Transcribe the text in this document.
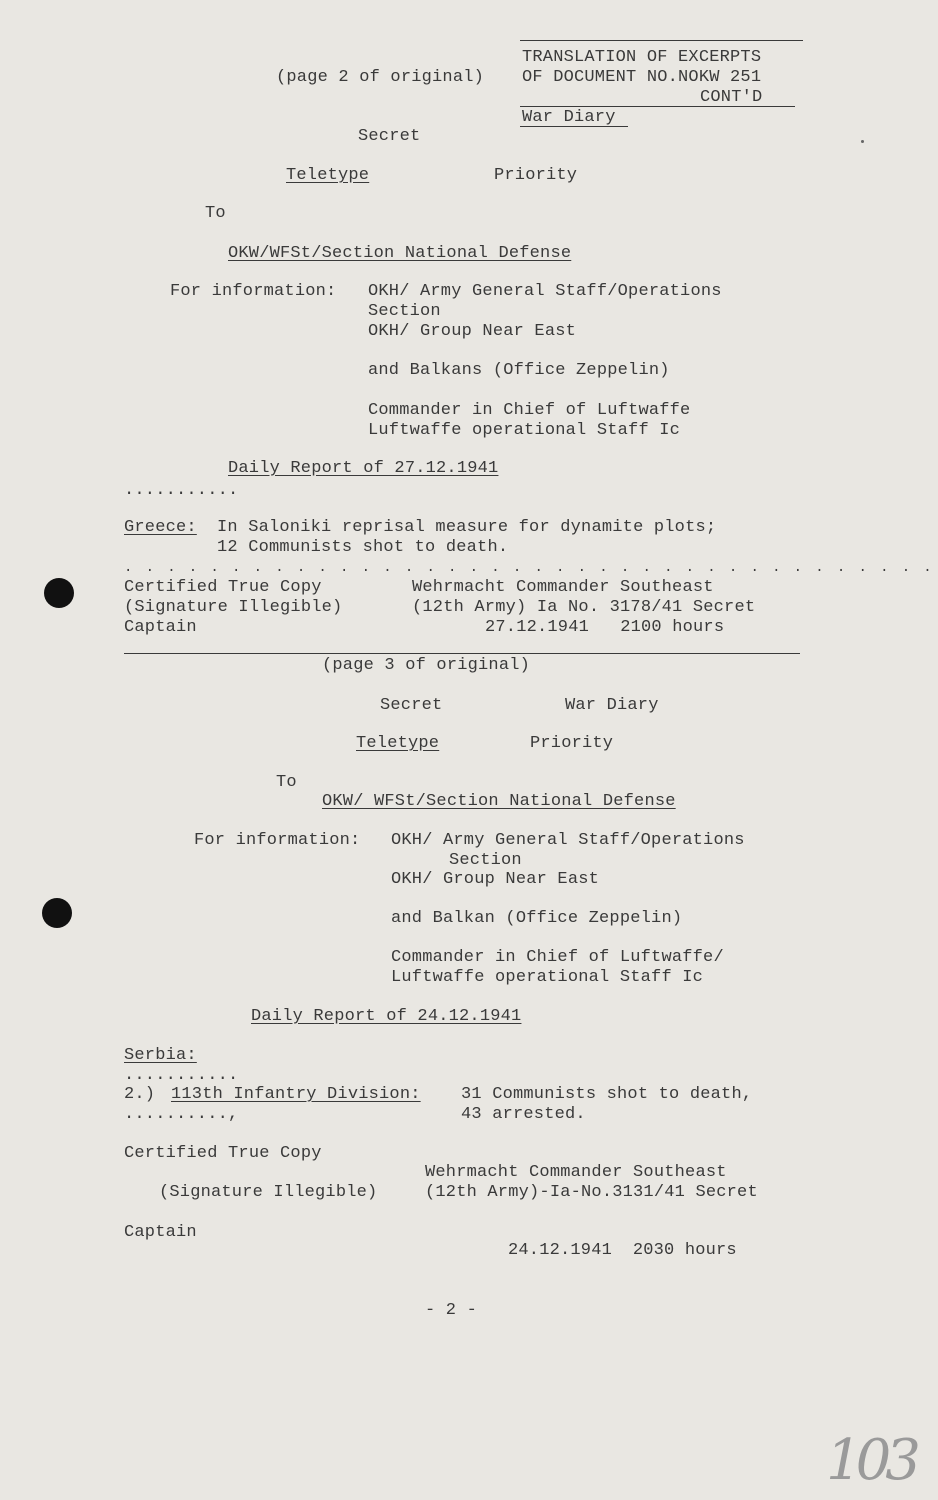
TRANSLATION OF EXCERPTS
(page 2 of original) OF DOCUMENT NO.NOKW 251
CONT'D
War Diary
Secret
Teletype	Priority
To
OKW/WFSt/Section National Defense
For information: OKH/ Army General Staff/Operations
Section
OKH/ Group Near East
and Balkans (Office Zeppelin)
Commander in Chief of Luftwaffe
Luftwaffe operational Staff Ic
Daily Report of 27.12.1941
...........
Greece: In Saloniki reprisal measure for dynamite plots;
12 Communists shot to death.
. . . . . . . . . . . . . . . . . . . . . . . . . . . . . . . . . . . . . .
Certified True Copy
(Signature Illegible)
Captain
Wehrmacht Commander Southeast
(12th Army) Ia No. 3178/41 Secret
27.12.1941   2100 hours
(page 3 of original)
Secret	War Diary
Teletype	Priority
To
OKW/ WFSt/Section National Defense
For information: OKH/ Army General Staff/Operations
Section
OKH/ Group Near East
and Balkan (Office Zeppelin)
Commander in Chief of Luftwaffe/
Luftwaffe operational Staff Ic
Daily Report of 24.12.1941
Serbia:
...........
2.) 113th Infantry Division: 31 Communists shot to death,
..........,	43 arrested.
Certified True Copy
Wehrmacht Commander Southeast
(Signature Illegible)	(12th Army)-Ia-No.3131/41 Secret
Captain
24.12.1941  2030 hours
- 2 -
103
